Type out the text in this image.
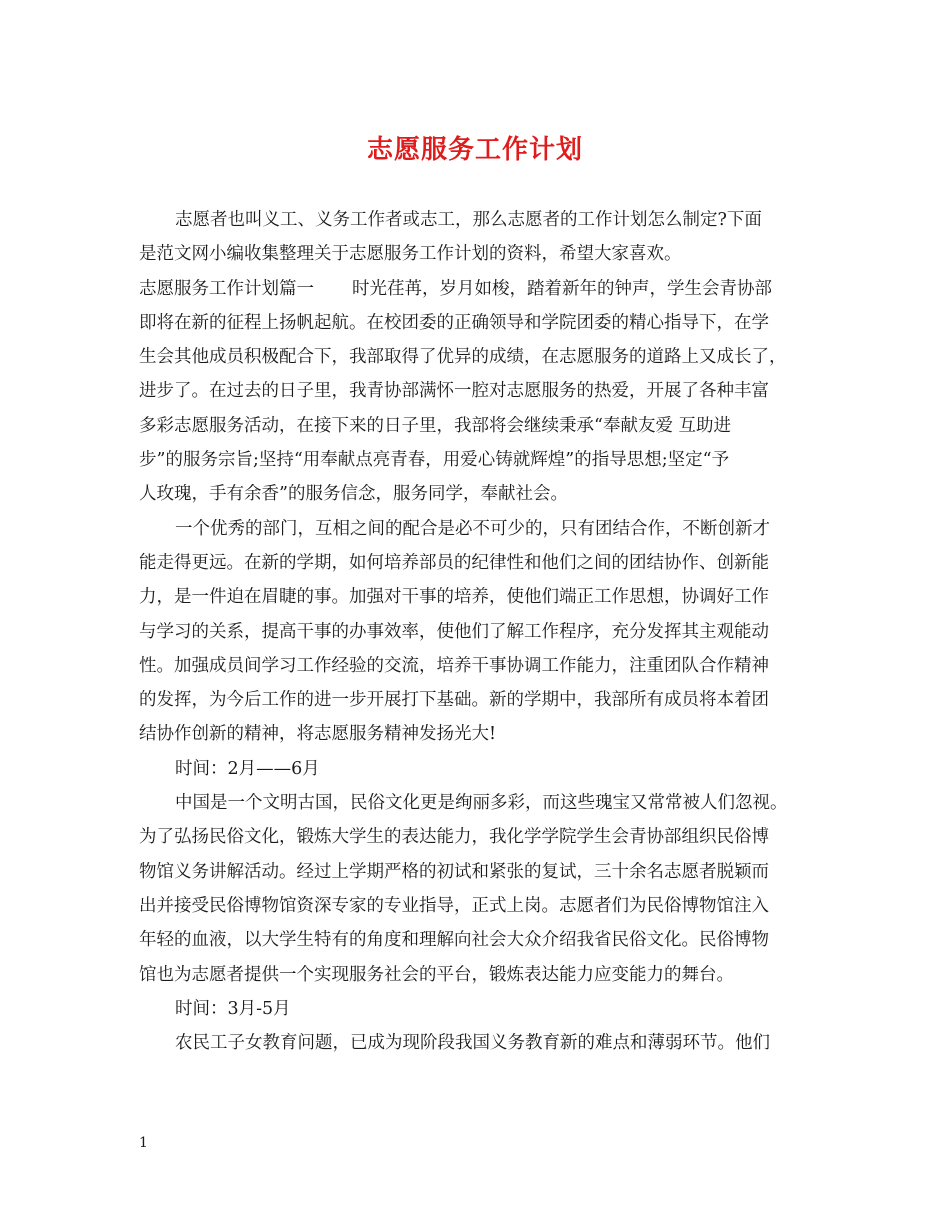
志愿服务工作计划

志愿者也叫义工、义务工作者或志工，那么志愿者的工作计划怎么制定?下面

是范文网小编收集整理关于志愿服务工作计划的资料，希望大家喜欢。

志愿服务工作计划篇一 时光荏苒，岁月如梭，踏着新年的钟声，学生会青协部

即将在新的征程上扬帆起航。在校团委的正确领导和学院团委的精心指导下，在学

生会其他成员积极配合下，我部取得了优异的成绩，在志愿服务的道路上又成长了，

进步了。在过去的日子里，我青协部满怀一腔对志愿服务的热爱，开展了各种丰富

多彩志愿服务活动，在接下来的日子里，我部将会继续秉承“奉献友爱 互助进

步”的服务宗旨;坚持“用奉献点亮青春，用爱心铸就辉煌”的指导思想;坚定“予

人玫瑰，手有余香”的服务信念，服务同学，奉献社会。

一个优秀的部门，互相之间的配合是必不可少的，只有团结合作，不断创新才

能走得更远。在新的学期，如何培养部员的纪律性和他们之间的团结协作、创新能

力，是一件迫在眉睫的事。加强对干事的培养，使他们端正工作思想，协调好工作

与学习的关系，提高干事的办事效率，使他们了解工作程序，充分发挥其主观能动

性。加强成员间学习工作经验的交流，培养干事协调工作能力，注重团队合作精神

的发挥，为今后工作的进一步开展打下基础。新的学期中，我部所有成员将本着团

结协作创新的精神，将志愿服务精神发扬光大!

时间：2月——6月

中国是一个文明古国，民俗文化更是绚丽多彩，而这些瑰宝又常常被人们忽视。

为了弘扬民俗文化，锻炼大学生的表达能力，我化学学院学生会青协部组织民俗博

物馆义务讲解活动。经过上学期严格的初试和紧张的复试，三十余名志愿者脱颖而

出并接受民俗博物馆资深专家的专业指导，正式上岗。志愿者们为民俗博物馆注入

年轻的血液，以大学生特有的角度和理解向社会大众介绍我省民俗文化。民俗博物

馆也为志愿者提供一个实现服务社会的平台，锻炼表达能力应变能力的舞台。

时间：3月-5月

农民工子女教育问题，已成为现阶段我国义务教育新的难点和薄弱环节。他们

1
